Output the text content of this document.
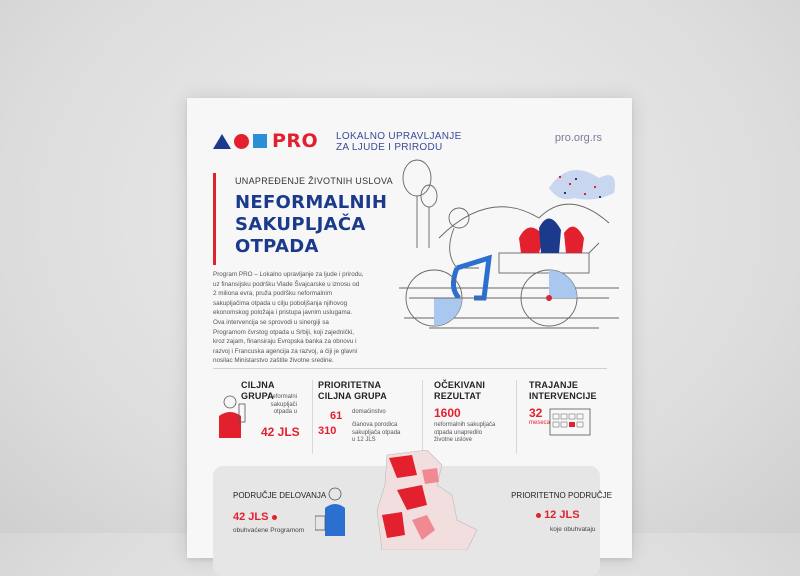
PRO LOKALNO UPRAVLJANJE
ZA LJUDE I PRIRODU
pro.org.rs
UNAPREĐENJE ŽIVOTNIH USLOVA
NEFORMALNIH
SAKUPLJAČA
OTPADA
Program PRO – Lokalno upravljanje za ljude i prirodu,
uz finansijsku podršku Vlade Švajcarske u iznosu od
2 miliona evra, pruža podršku neformalnim
sakupljačima otpada u cilju poboljšanja njihovog
ekonomskog položaja i pristupa javnim uslugama.
Ova intervencija se sprovodi u sinergiji sa
Programom čvrstog otpada u Srbiji, koji zajednički,
kroz zajam, finansiraju Evropska banka za obnovu i
razvoj i Francuska agencija za razvoj, a čiji je glavni
nosilac Ministarstvo zaštite životne sredine.
CILJNA GRUPA
neformalni
sakupljači
otpada u
42 JLS
PRIORITETNA
CILJNA GRUPA
61 domaćinstvo
310	članova porodica
sakupljača otpada
u 12 JLS
OČEKIVANI
REZULTAT
1600
neformalnih sakupljača
otpada unapredilo
životne uslove
TRAJANJE
INTERVENCIJE
32
meseca
PODRUČJE DELOVANJA
42 JLS
obuhvaćene Programom
PRIORITETNO PODRUČJE
12 JLS
koje obuhvataju
